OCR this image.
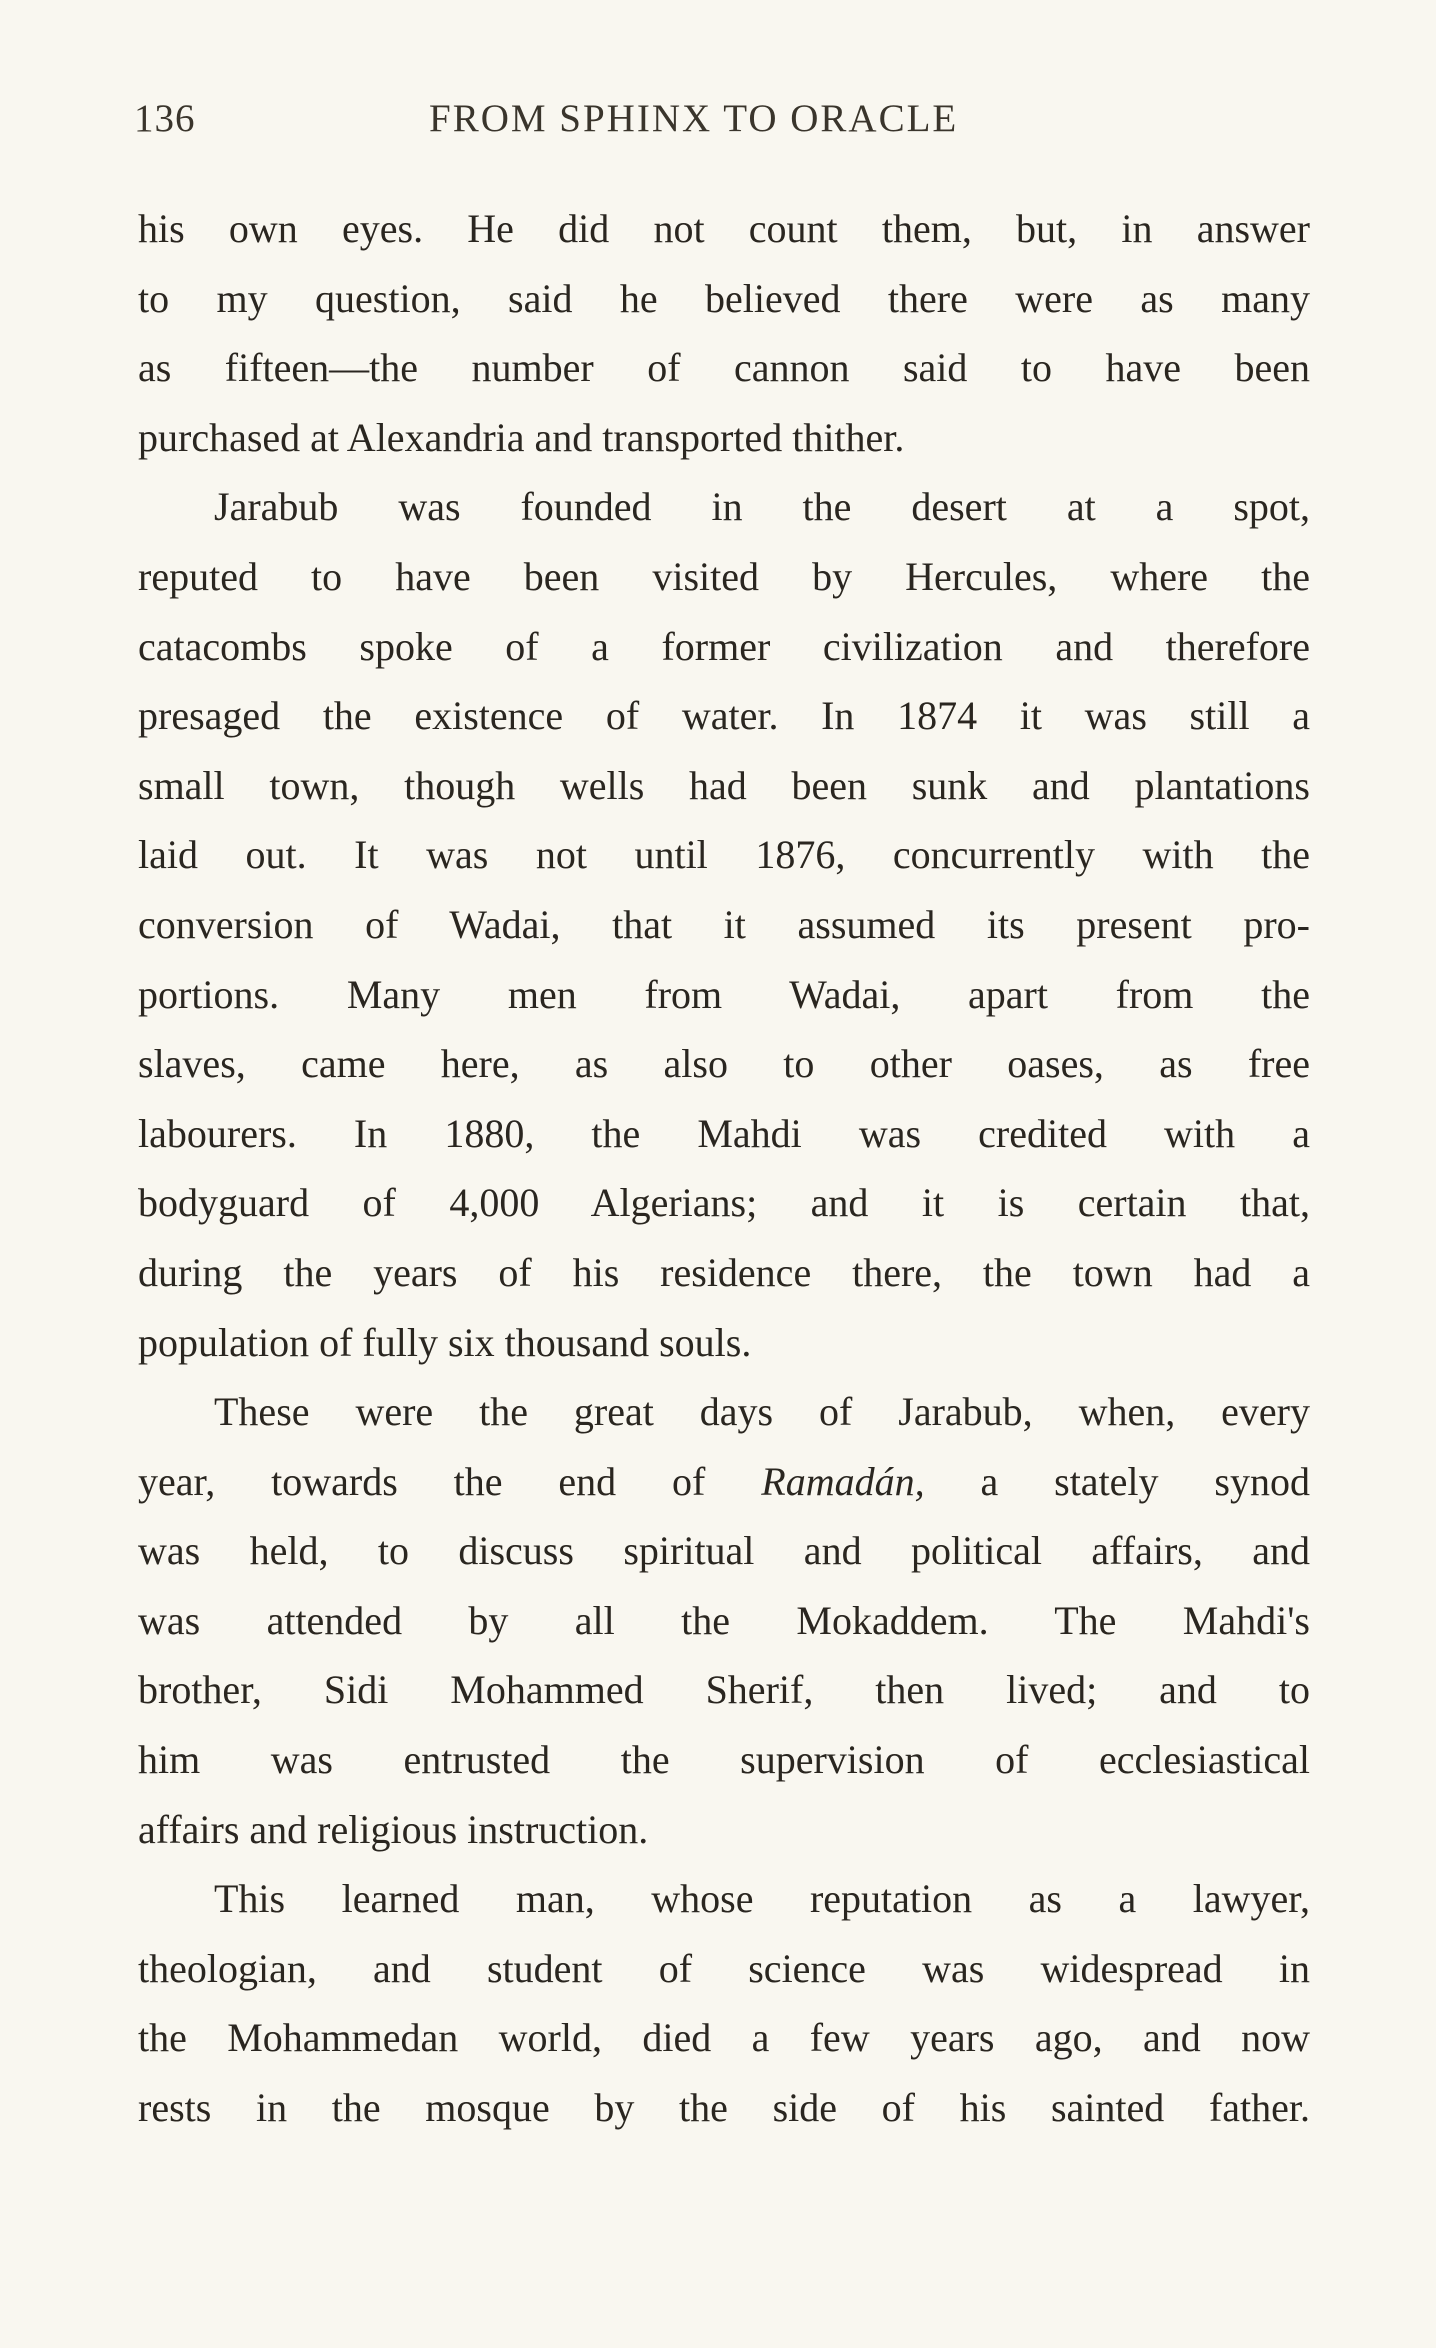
136	FROM SPHINX TO ORACLE
his own eyes. He did not count them, but, in answer
to my question, said he believed there were as many
as fifteen—the number of cannon said to have been
purchased at Alexandria and transported thither.
Jarabub was founded in the desert at a spot,
reputed to have been visited by Hercules, where the
catacombs spoke of a former civilization and therefore
presaged the existence of water. In 1874 it was still a
small town, though wells had been sunk and plantations
laid out. It was not until 1876, concurrently with the
conversion of Wadai, that it assumed its present pro-
portions. Many men from Wadai, apart from the
slaves, came here, as also to other oases, as free
labourers. In 1880, the Mahdi was credited with a
bodyguard of 4,000 Algerians; and it is certain that,
during the years of his residence there, the town had a
population of fully six thousand souls.
These were the great days of Jarabub, when, every
year, towards the end of Ramadán, a stately synod
was held, to discuss spiritual and political affairs, and
was attended by all the Mokaddem. The Mahdi's
brother, Sidi Mohammed Sherif, then lived; and to
him was entrusted the supervision of ecclesiastical
affairs and religious instruction.
This learned man, whose reputation as a lawyer,
theologian, and student of science was widespread in
the Mohammedan world, died a few years ago, and now
rests in the mosque by the side of his sainted father.
